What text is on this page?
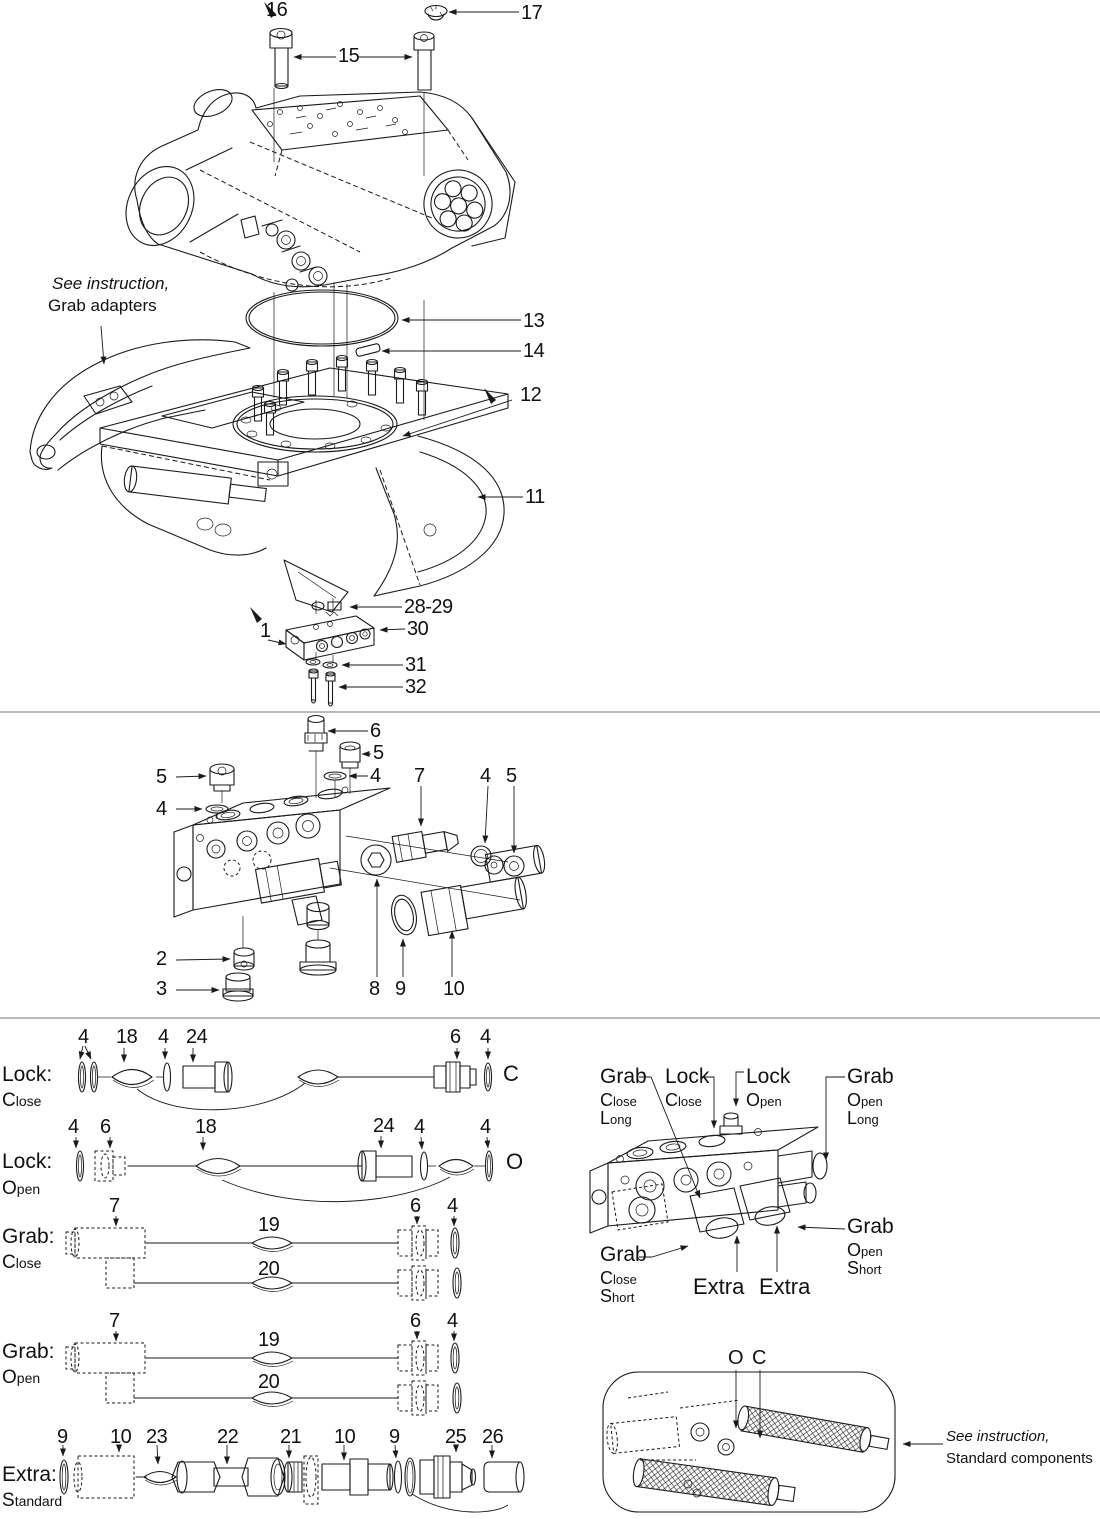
16	17
15
13
14
12
11
28-29
30
1
31
32
See instruction,
Grab adapters
6
5
5
4
4 7	4 5
2
3	8 9 10
Lock:
Close
Lock:
Open
Grab:
Close
Grab:
Open
Extra:
Standard
4 18 4 24	6 4
C
4 6	18	24 4	4
O
7
19
20
6 4
7
19
20
6 4
9 10 23 22 21 10 9 25 26
Grab
Close
Long
Lock
Close
Lock
Open
Grab
Open
Long
Grab
Open
Short
Grab
Close
Short	Extra Extra
O C
See instruction,
Standard components
